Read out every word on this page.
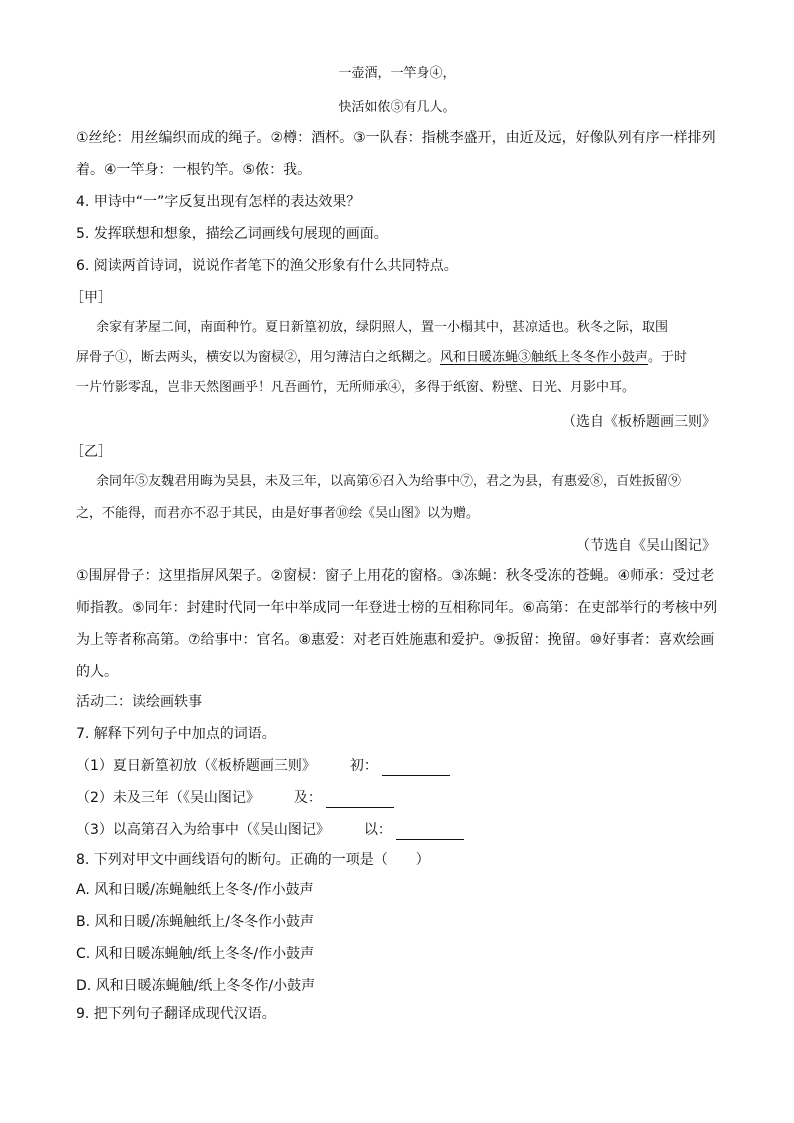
一壶酒，一竿身④，
快活如侬⑤有几人。
①丝纶：用丝编织而成的绳子。②樽：酒杯。③一队春：指桃李盛开，由近及远，好像队列有序一样排列
着。④一竿身：一根钓竿。⑤侬：我。
4. 甲诗中“一”字反复出现有怎样的表达效果？
5. 发挥联想和想象，描绘乙词画线句展现的画面。
6. 阅读两首诗词，说说作者笔下的渔父形象有什么共同特点。
［甲］
余家有茅屋二间，南面种竹。夏日新篁初放，绿阴照人，置一小榻其中，甚凉适也。秋冬之际，取围
屏骨子①，断去两头，横安以为窗棂②，用匀薄洁白之纸糊之。风和日暖冻蝇③触纸上冬冬作小鼓声。于时
一片竹影零乱，岂非天然图画乎！凡吾画竹，无所师承④，多得于纸窗、粉壁、日光、月影中耳。
（选自《板桥题画三则》
［乙］
余同年⑤友魏君用晦为吴县，未及三年，以高第⑥召入为给事中⑦，君之为县，有惠爱⑧，百姓扳留⑨
之，不能得，而君亦不忍于其民，由是好事者⑩绘《吴山图》以为赠。
（节选自《吴山图记》
①围屏骨子：这里指屏风架子。②窗棂：窗子上用花的窗格。③冻蝇：秋冬受冻的苍蝇。④师承：受过老
师指教。⑤同年：封建时代同一年中举成同一年登进士榜的互相称同年。⑥高第：在吏部举行的考核中列
为上等者称高第。⑦给事中：官名。⑧惠爱：对老百姓施惠和爱护。⑨扳留：挽留。⑩好事者：喜欢绘画
的人。
活动二：读绘画轶事
7. 解释下列句子中加点的词语。
（1）夏日新篁初放（《板桥题画三则》 初：
（2）未及三年（《吴山图记》 及：
（3）以高第召入为给事中（《吴山图记》 以：
8. 下列对甲文中画线语句的断句。正确的一项是（　　）
A. 风和日暖/冻蝇触纸上冬冬/作小鼓声
B. 风和日暖/冻蝇触纸上/冬冬作小鼓声
C. 风和日暖冻蝇触/纸上冬冬/作小鼓声
D. 风和日暖冻蝇触/纸上冬冬作/小鼓声
9. 把下列句子翻译成现代汉语。
